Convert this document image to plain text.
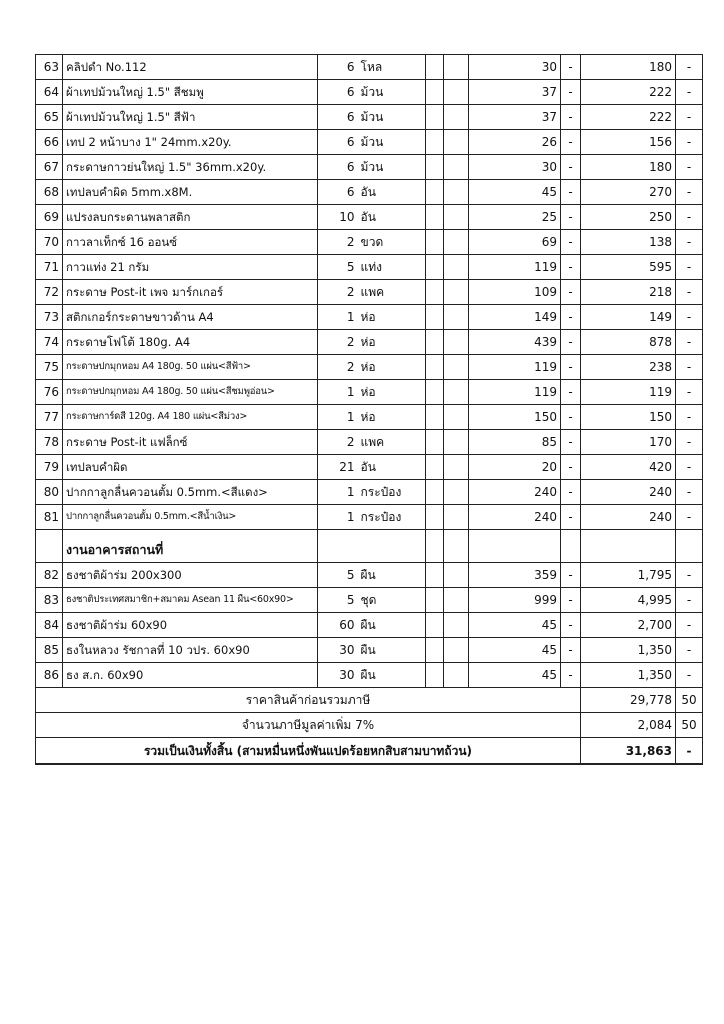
63	คลิปดำ No.112	6	โหล			30	-	180	-
64	ผ้าเทปม้วนใหญ่ 1.5" สีชมพู	6	ม้วน			37	-	222	-
65	ผ้าเทปม้วนใหญ่ 1.5" สีฟ้า	6	ม้วน			37	-	222	-
66	เทป 2 หน้าบาง 1" 24mm.x20y.	6	ม้วน			26	-	156	-
67	กระดาษกาวย่นใหญ่ 1.5" 36mm.x20y.	6	ม้วน			30	-	180	-
68	เทปลบคำผิด 5mm.x8M.	6	อัน			45	-	270	-
69	แปรงลบกระดานพลาสติก	10	อัน			25	-	250	-
70	กาวลาเท็กซ์ 16 ออนซ์	2	ขวด			69	-	138	-
71	กาวแท่ง 21 กรัม	5	แท่ง			119	-	595	-
72	กระดาษ Post-it เพจ มาร์กเกอร์	2	แพค			109	-	218	-
73	สติกเกอร์กระดาษขาวด้าน A4	1	ห่อ			149	-	149	-
74	กระดาษโฟโต้ 180g. A4	2	ห่อ			439	-	878	-
75	กระดาษปกมุกหอม A4 180g. 50 แผ่น<สีฟ้า>	2	ห่อ			119	-	238	-
76	กระดาษปกมุกหอม A4 180g. 50 แผ่น<สีชมพูอ่อน>	1	ห่อ			119	-	119	-
77	กระดาษการ์ดสี 120g. A4 180 แผ่น<สีม่วง>	1	ห่อ			150	-	150	-
78	กระดาษ Post-it แฟล็กซ์	2	แพค			85	-	170	-
79	เทปลบคำผิด	21	อัน			20	-	420	-
80	ปากกาลูกลื่นควอนตั้ม 0.5mm.<สีแดง>	1	กระป๋อง			240	-	240	-
81	ปากกาลูกลื่นควอนตั้ม 0.5mm.<สีน้ำเงิน>	1	กระป๋อง			240	-	240	-
	งานอาคารสถานที่								
82	ธงชาติผ้าร่ม 200x300	5	ผืน			359	-	1,795	-
83	ธงชาติประเทศสมาชิก+สมาคม Asean 11 ผืน<60x90>	5	ชุด			999	-	4,995	-
84	ธงชาติผ้าร่ม 60x90	60	ผืน			45	-	2,700	-
85	ธงในหลวง รัชกาลที่ 10 วปร. 60x90	30	ผืน			45	-	1,350	-
86	ธง ส.ก. 60x90	30	ผืน			45	-	1,350	-
ราคาสินค้าก่อนรวมภาษี								29,778	50
จำนวนภาษีมูลค่าเพิ่ม 7%								2,084	50
รวมเป็นเงินทั้งสิ้น (สามหมื่นหนึ่งพันแปดร้อยหกสิบสามบาทถ้วน)								31,863	-
